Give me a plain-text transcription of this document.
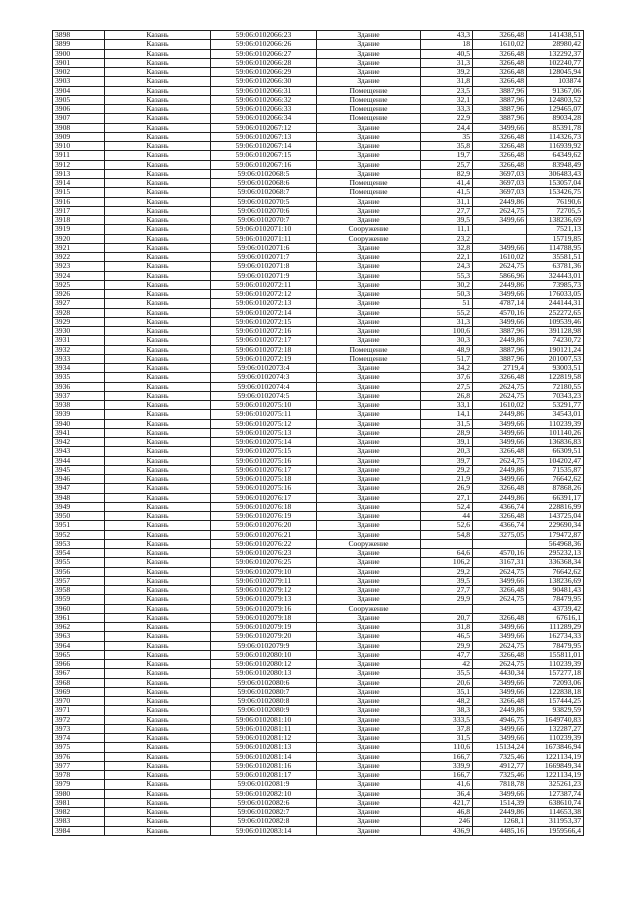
3898	Казань	59:06:0102066:23	Здание	43,3	3266,48	141438,51
3899	Казань	59:06:0102066:26	Здание	18	1610,02	28980,42
3900	Казань	59:06:0102066:27	Здание	40,5	3266,48	132292,37
3901	Казань	59:06:0102066:28	Здание	31,3	3266,48	102240,77
3902	Казань	59:06:0102066:29	Здание	39,2	3266,48	128045,94
3903	Казань	59:06:0102066:30	Здание	31,8	3266,48	103874
3904	Казань	59:06:0102066:31	Помещение	23,5	3887,96	91367,06
3905	Казань	59:06:0102066:32	Помещение	32,1	3887,96	124803,52
3906	Казань	59:06:0102066:33	Помещение	33,3	3887,96	129465,07
3907	Казань	59:06:0102066:34	Помещение	22,9	3887,96	89034,28
3908	Казань	59:06:0102067:12	Здание	24,4	3499,66	85391,78
3909	Казань	59:06:0102067:13	Здание	35	3266,48	114326,73
3910	Казань	59:06:0102067:14	Здание	35,8	3266,48	116939,92
3911	Казань	59:06:0102067:15	Здание	19,7	3266,48	64349,62
3912	Казань	59:06:0102067:16	Здание	25,7	3266,48	83948,49
3913	Казань	59:06:0102068:5	Здание	82,9	3697,03	306483,43
3914	Казань	59:06:0102068:6	Помещение	41,4	3697,03	153057,04
3915	Казань	59:06:0102068:7	Помещение	41,5	3697,03	153426,75
3916	Казань	59:06:0102070:5	Здание	31,1	2449,86	76190,6
3917	Казань	59:06:0102070:6	Здание	27,7	2624,75	72705,5
3918	Казань	59:06:0102070:7	Здание	39,5	3499,66	138236,69
3919	Казань	59:06:0102071:10	Сооружение	11,1		7521,13
3920	Казань	59:06:0102071:11	Сооружение	23,2		15719,85
3921	Казань	59:06:0102071:6	Здание	32,8	3499,66	114788,95
3922	Казань	59:06:0102071:7	Здание	22,1	1610,02	35581,51
3923	Казань	59:06:0102071:8	Здание	24,3	2624,75	63781,36
3924	Казань	59:06:0102071:9	Здание	55,3	5866,96	324443,01
3925	Казань	59:06:0102072:11	Здание	30,2	2449,86	73985,73
3926	Казань	59:06:0102072:12	Здание	50,3	3499,66	176033,05
3927	Казань	59:06:0102072:13	Здание	51	4787,14	244144,31
3928	Казань	59:06:0102072:14	Здание	55,2	4570,16	252272,65
3929	Казань	59:06:0102072:15	Здание	31,3	3499,66	109539,46
3930	Казань	59:06:0102072:16	Здание	100,6	3887,96	391128,98
3931	Казань	59:06:0102072:17	Здание	30,3	2449,86	74230,72
3932	Казань	59:06:0102072:18	Помещение	48,9	3887,96	190121,24
3933	Казань	59:06:0102072:19	Помещение	51,7	3887,96	201007,53
3934	Казань	59:06:0102073:4	Здание	34,2	2719,4	93003,51
3935	Казань	59:06:0102074:3	Здание	37,6	3266,48	122819,58
3936	Казань	59:06:0102074:4	Здание	27,5	2624,75	72180,55
3937	Казань	59:06:0102074:5	Здание	26,8	2624,75	70343,23
3938	Казань	59:06:0102075:10	Здание	33,1	1610,02	53291,77
3939	Казань	59:06:0102075:11	Здание	14,1	2449,86	34543,01
3940	Казань	59:06:0102075:12	Здание	31,5	3499,66	110239,39
3941	Казань	59:06:0102075:13	Здание	28,9	3499,66	101140,26
3942	Казань	59:06:0102075:14	Здание	39,1	3499,66	136836,83
3943	Казань	59:06:0102075:15	Здание	20,3	3266,48	66309,51
3944	Казань	59:06:0102075:16	Здание	39,7	2624,75	104202,47
3945	Казань	59:06:0102076:17	Здание	29,2	2449,86	71535,87
3946	Казань	59:06:0102075:18	Здание	21,9	3499,66	76642,62
3947	Казань	59:06:0102075:16	Здание	26,9	3266,48	87868,26
3948	Казань	59:06:0102076:17	Здание	27,1	2449,86	66391,17
3949	Казань	59:06:0102076:18	Здание	52,4	4366,74	228816,99
3950	Казань	59:06:0102076:19	Здание	44	3266,48	143725,04
3951	Казань	59:06:0102076:20	Здание	52,6	4366,74	229690,34
3952	Казань	59:06:0102076:21	Здание	54,8	3275,05	179472,87
3953	Казань	59:06:0102076:22	Сооружение			564968,36
3954	Казань	59:06:0102076:23	Здание	64,6	4570,16	295232,13
3955	Казань	59:06:0102076:25	Здание	106,2	3167,31	336368,34
3956	Казань	59:06:0102079:10	Здание	29,2	2624,75	76642,62
3957	Казань	59:06:0102079:11	Здание	39,5	3499,66	138236,69
3958	Казань	59:06:0102079:12	Здание	27,7	3266,48	90481,43
3959	Казань	59:06:0102079:13	Здание	29,9	2624,75	78479,95
3960	Казань	59:06:0102079:16	Сооружение			43739,42
3961	Казань	59:06:0102079:18	Здание	20,7	3266,48	67616,1
3962	Казань	59:06:0102079:19	Здание	31,8	3499,66	111289,29
3963	Казань	59:06:0102079:20	Здание	46,5	3499,66	162734,33
3964	Казань	59:06:0102079:9	Здание	29,9	2624,75	78479,95
3965	Казань	59:06:0102080:10	Здание	47,7	3266,48	155811,01
3966	Казань	59:06:0102080:12	Здание	42	2624,75	110239,39
3967	Казань	59:06:0102080:13	Здание	35,5	4430,34	157277,18
3968	Казань	59:06:0102080:6	Здание	20,6	3499,66	72093,06
3969	Казань	59:06:0102080:7	Здание	35,1	3499,66	122838,18
3970	Казань	59:06:0102080:8	Здание	48,2	3266,48	157444,25
3971	Казань	59:06:0102080:9	Здание	38,3	2449,86	93829,59
3972	Казань	59:06:0102081:10	Здание	333,5	4946,75	1649740,83
3973	Казань	59:06:0102081:11	Здание	37,8	3499,66	132287,27
3974	Казань	59:06:0102081:12	Здание	31,5	3499,66	110239,39
3975	Казань	59:06:0102081:13	Здание	110,6	15134,24	1673846,94
3976	Казань	59:06:0102081:14	Здание	166,7	7325,46	1221134,19
3977	Казань	59:06:0102081:16	Здание	339,9	4912,77	1669849,34
3978	Казань	59:06:0102081:17	Здание	166,7	7325,46	1221134,19
3979	Казань	59:06:0102081:9	Здание	41,6	7818,78	325261,23
3980	Казань	59:06:0102082:10	Здание	36,4	3499,66	127387,74
3981	Казань	59:06:0102082:6	Здание	421,7	1514,39	638610,74
3982	Казань	59:06:0102082:7	Здание	46,8	2449,86	114653,38
3983	Казань	59:06:0102082:8	Здание	246	1268,1	311953,37
3984	Казань	59:06:0102083:14	Здание	436,9	4485,16	1959566,4
